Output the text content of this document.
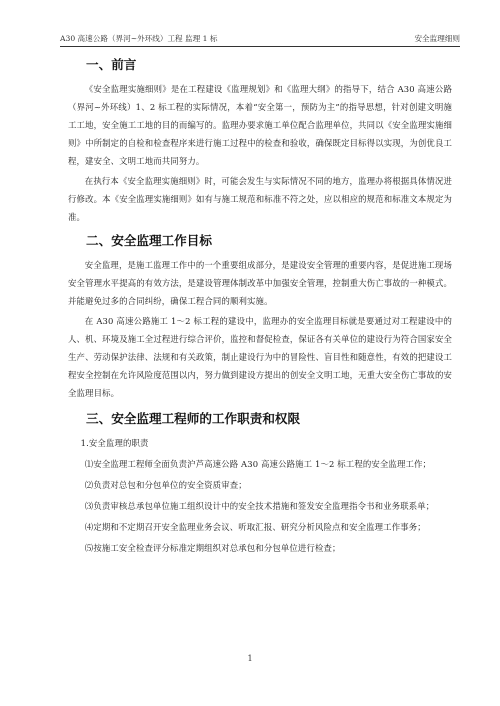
A30 高速公路（界河~外环线）工程 监理 1 标	安全监理细则
一、前言

《安全监理实施细则》是在工程建设《监理规划》和《监理大纲》的指导下，结合 A30 高速公路（界河~外环线）1、2 标工程的实际情况，本着“安全第一，预防为主”的指导思想，针对创建文明施工工地，安全施工工地的目的而编写的。监理办要求施工单位配合监理单位，共同以《安全监理实施细则》中所制定的自检和检查程序来进行施工过程中的检查和验收，确保既定目标得以实现，为创优良工程，建安全、文明工地而共同努力。

在执行本《安全监理实施细则》时，可能会发生与实际情况不同的地方，监理办将根据具体情况进行修改。本《安全监理实施细则》如有与施工规范和标准不符之处，应以相应的规范和标准文本规定为准。

二、安全监理工作目标

安全监理，是施工监理工作中的一个重要组成部分，是建设安全管理的重要内容，是促进施工现场安全管理水平提高的有效方法，是建设管理体制改革中加强安全管理，控制重大伤亡事故的一种模式。并能避免过多的合同纠纷，确保工程合同的顺利实施。

在 A30 高速公路施工 1～2 标工程的建设中，监理办的安全监理目标就是要通过对工程建设中的人、机、环境及施工全过程进行综合评价，监控和督促检查，保证各有关单位的建设行为符合国家安全生产、劳动保护法律、法规和有关政策，制止建设行为中的冒险性、盲目性和随意性，有效的把建设工程安全控制在允许风险度范围以内，努力做到建设方提出的创安全文明工地，无重大安全伤亡事故的安全监理目标。

三、安全监理工程师的工作职责和权限

1.安全监理的职责

⑴安全监理工程师全面负责沪芦高速公路 A30 高速公路施工 1～2 标工程的安全监理工作；

⑵负责对总包和分包单位的安全资质审查；

⑶负责审核总承包单位施工组织设计中的安全技术措施和签发安全监理指令书和业务联系单；

⑷定期和不定期召开安全监理业务会议、听取汇报、研究分析风险点和安全监理工作事务；

⑸按施工安全检查评分标准定期组织对总承包和分包单位进行检查；

1
